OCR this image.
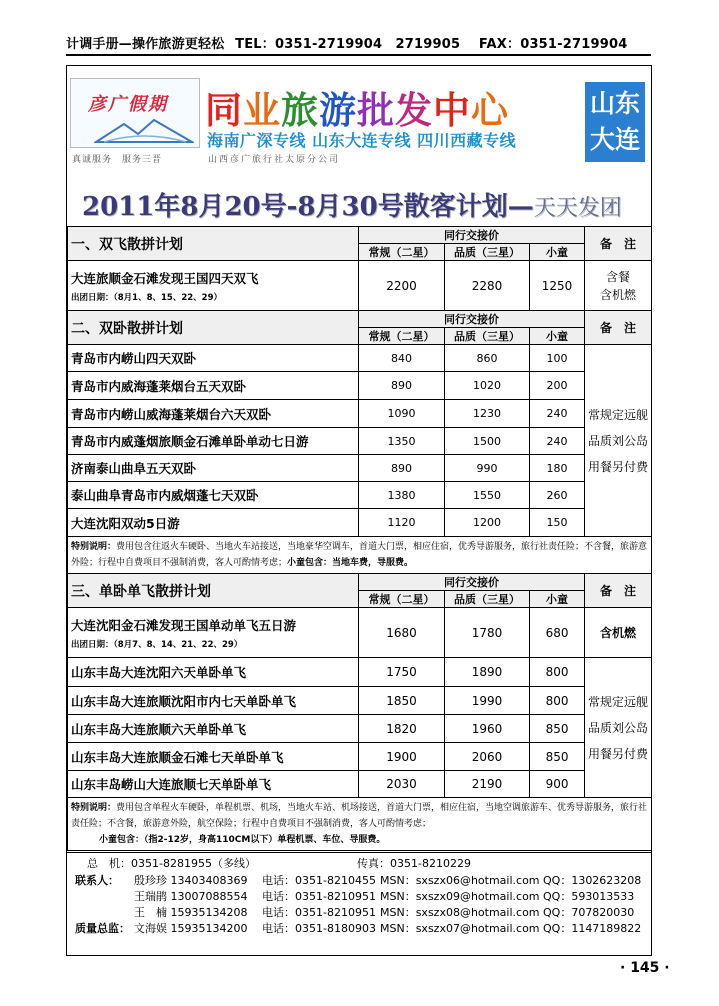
计调手册—操作旅游更轻松 TEL：0351-2719904　2719905 FAX：0351-2719904
彦广假期
真诚服务　服务三晋	山西彦广旅行社太原分公司
同业旅游批发中心
海南广深专线 山东大连专线 四川西藏专线
山东
大连
2011年8月20号-8月30号散客计划—天天发团
一、双飞散拼计划	同行交接价			备注
	常规（二星）	品质（三星）	小童	
大连旅顺金石滩发现王国四天双飞
出团日期：（8月1、8、15、22、29）	2200	2280	1250	含餐
含机燃
二、双卧散拼计划	同行交接价			备注
	常规（二星）	品质（三星）	小童	
青岛市内崂山四天双卧	840	860	100	常规定远舰品质刘公岛用餐另付费
青岛市内威海蓬莱烟台五天双卧	890	1020	200	
青岛市内崂山威海蓬莱烟台六天双卧	1090	1230	240	
青岛市内威蓬烟旅顺金石滩单卧单动七日游	1350	1500	240	
济南泰山曲阜五天双卧	890	990	180	
泰山曲阜青岛市内威烟蓬七天双卧	1380	1550	260	
大连沈阳双动5日游	1120	1200	150	
特别说明：费用包含往返火车硬卧、当地火车站接送，当地豪华空调车，首道大门票，相应住宿，优秀导游服务，旅行社责任险；不含餐，旅游意外险；行程中自费项目不强制消费，客人可酌情考虑；小童包含：当地车费，导服费。				
三、单卧单飞散拼计划	同行交接价			备注
	常规（二星）	品质（三星）	小童	
大连沈阳金石滩发现王国单动单飞五日游
出团日期：（8月7、8、14、21、22、29）	1680	1780	680	含机燃
山东丰岛大连沈阳六天单卧单飞	1750	1890	800	常规定远舰品质刘公岛用餐另付费
山东丰岛大连旅顺沈阳市内七天单卧单飞	1850	1990	800	
山东丰岛大连旅顺六天单卧单飞	1820	1960	850	
山东丰岛大连旅顺金石滩七天单卧单飞	1900	2060	850	
山东丰岛崂山大连旅顺七天单卧单飞	2030	2190	900	
特别说明：费用包含单程火车硬卧，单程机票、机场，当地火车站、机场接送，首道大门票，相应住宿，当地空调旅游车、优秀导游服务，旅行社责任险；不含餐，旅游意外险，航空保险；行程中自费项目不强制消费，客人可酌情考虑；
小童包含：（指2-12岁，身高110CM以下）单程机票、车位、导服费。				
总　机：0351-8281955（多线）	传真：0351-8210229
联系人： 殷珍珍 13403408369 电话：0351-8210455 MSN：sxszx06@hotmail.com QQ：1302623208
王瑞鹃 13007088554 电话：0351-8210951 MSN：sxszx09@hotmail.com QQ：593013533
王　楠 15935134208 电话：0351-8210951 MSN：sxszx08@hotmail.com QQ：707820030
质量总监： 文海娱 15935134200 电话：0351-8180903 MSN：sxszx07@hotmail.com QQ：1147189822
· 145 ·
